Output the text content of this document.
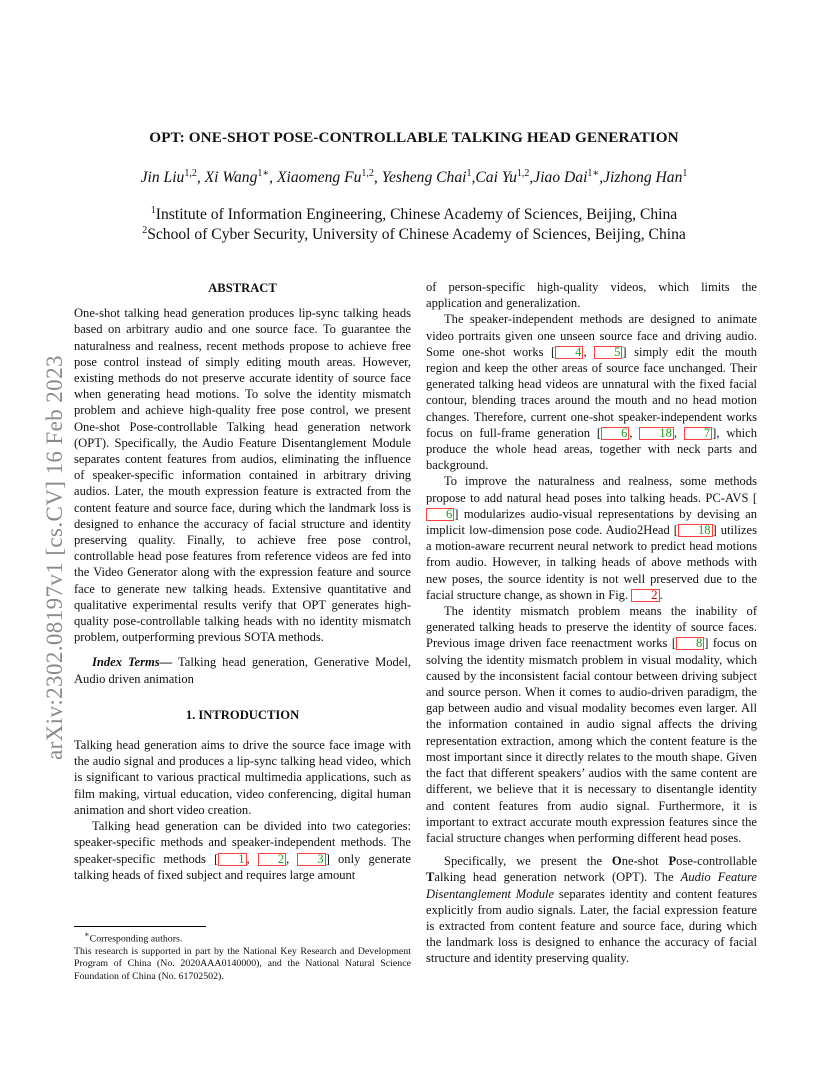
arXiv:2302.08197v1 [cs.CV] 16 Feb 2023
OPT: ONE-SHOT POSE-CONTROLLABLE TALKING HEAD GENERATION
Jin Liu$^{1,2}$, Xi Wang$^{1∗}$, Xiaomeng Fu$^{1,2}$, Yesheng Chai$^1$,Cai Yu$^{1,2}$,Jiao Dai$^{1∗}$,Jizhong Han$^1$
$^1$Institute of Information Engineering, Chinese Academy of Sciences, Beijing, China
$^2$School of Cyber Security, University of Chinese Academy of Sciences, Beijing, China
ABSTRACT

One-shot talking head generation produces lip-sync talking heads based on arbitrary audio and one source face. To guarantee the naturalness and realness, recent methods propose to achieve free pose control instead of simply editing mouth areas. However, existing methods do not preserve accurate identity of source face when generating head motions. To solve the identity mismatch problem and achieve high-quality free pose control, we present One-shot Pose-controllable Talking head generation network (OPT). Specifically, the Audio Feature Disentanglement Module separates content features from audios, eliminating the influence of speaker-specific information contained in arbitrary driving audios. Later, the mouth expression feature is extracted from the content feature and source face, during which the landmark loss is designed to enhance the accuracy of facial structure and identity preserving quality. Finally, to achieve free pose control, controllable head pose features from reference videos are fed into the Video Generator along with the expression feature and source face to generate new talking heads. Extensive quantitative and qualitative experimental results verify that OPT generates high-quality pose-controllable talking heads with no identity mismatch problem, outperforming previous SOTA methods.

Index Terms— Talking head generation, Generative Model, Audio driven animation

1. INTRODUCTION

Talking head generation aims to drive the source face image with the audio signal and produces a lip-sync talking head video, which is significant to various practical multimedia applications, such as film making, virtual education, video conferencing, digital human animation and short video creation.

Talking head generation can be divided into two categories: speaker-specific methods and speaker-independent methods. The speaker-specific methods [ 1 , 2 , 3 ] only generate talking heads of fixed subject and requires large amount

∗Corresponding authors.

This research is supported in part by the National Key Research and Development Program of China (No. 2020AAA0140000), and the National Natural Science Foundation of China (No. 61702502).

of person-specific high-quality videos, which limits the application and generalization.

The speaker-independent methods are designed to animate video portraits given one unseen source face and driving audio. Some one-shot works [ 4 , 5 ] simply edit the mouth region and keep the other areas of source face unchanged. Their generated talking head videos are unnatural with the fixed facial contour, blending traces around the mouth and no head motion changes. Therefore, current one-shot speaker-independent works focus on full-frame generation [ 6 , 18 , 7 ], which produce the whole head areas, together with neck parts and background.

To improve the naturalness and realness, some methods propose to add natural head poses into talking heads. PC-AVS [6 ] modularizes audio-visual representations by devising an implicit low-dimension pose code. Audio2Head [ 18 ] utilizes a motion-aware recurrent neural network to predict head motions from audio. However, in talking heads of above methods with new poses, the source identity is not well preserved due to the facial structure change, as shown in Fig. 2 .

The identity mismatch problem means the inability of generated talking heads to preserve the identity of source faces. Previous image driven face reenactment works [ 8 ] focus on solving the identity mismatch problem in visual modality, which caused by the inconsistent facial contour between driving subject and source person. When it comes to audio-driven paradigm, the gap between audio and visual modality becomes even larger. All the information contained in audio signal affects the driving representation extraction, among which the content feature is the most important since it directly relates to the mouth shape. Given the fact that different speakers’ audios with the same content are different, we believe that it is necessary to disentangle identity and content features from audio signal. Furthermore, it is important to extract accurate mouth expression features since the facial structure changes when performing different head poses.

Specifically, we present the One-shot Pose-controllable Talking head generation network (OPT). The Audio Feature Disentanglement Module separates identity and content features explicitly from audio signals. Later, the facial expression feature is extracted from content feature and source face, during which the landmark loss is designed to enhance the accuracy of facial structure and identity preserving quality.
